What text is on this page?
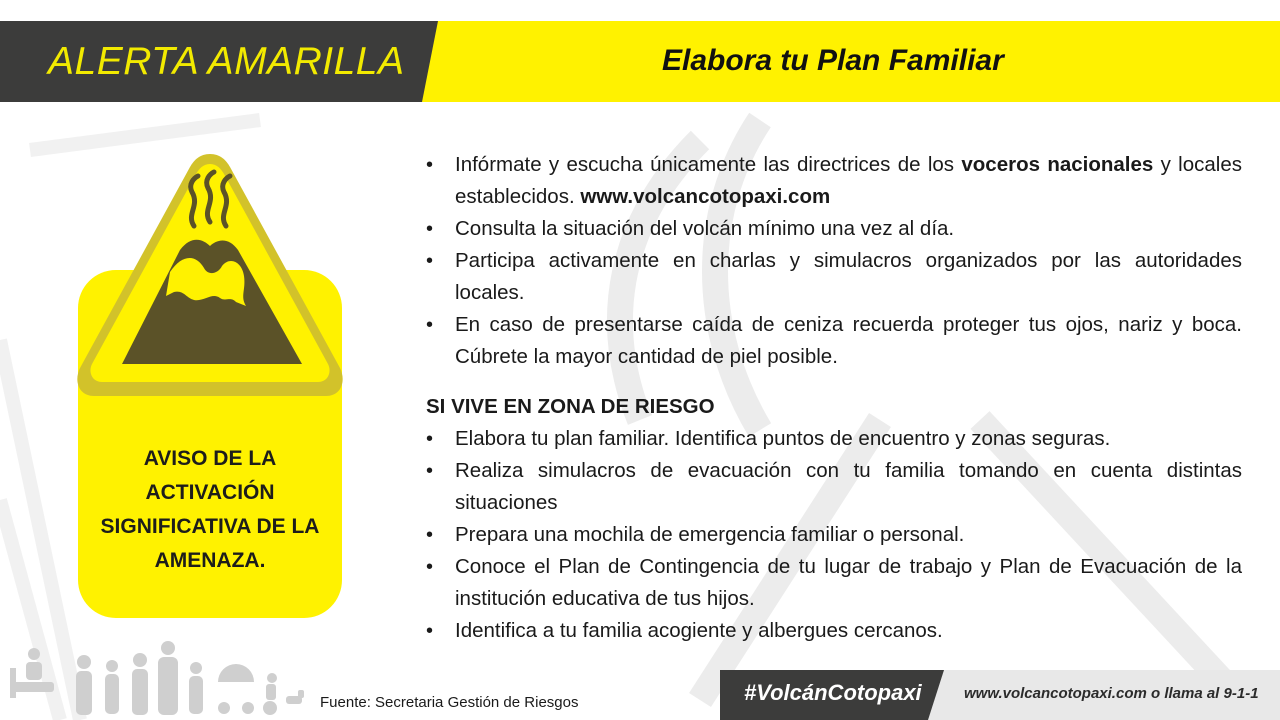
ALERTA AMARILLA	Elabora tu Plan Familiar
AVISO DE LA ACTIVACIÓN SIGNIFICATIVA DE LA AMENAZA.
• Infórmate y escucha únicamente las directrices de los voceros nacionales y locales establecidos. www.volcancotopaxi.com
• Consulta la situación del volcán mínimo una vez al día.
• Participa activamente en charlas y simulacros organizados por las autoridades locales.
• En caso de presentarse caída de ceniza recuerda proteger tus ojos, nariz y boca. Cúbrete la mayor cantidad de piel posible.
SI VIVE EN ZONA DE RIESGO
• Elabora tu plan familiar. Identifica puntos de encuentro y zonas seguras.
• Realiza simulacros de evacuación con tu familia tomando en cuenta distintas situaciones
• Prepara una mochila de emergencia familiar o personal.
• Conoce el Plan de Contingencia de tu lugar de trabajo y Plan de Evacuación de la institución educativa de tus hijos.
• Identifica a tu familia acogiente y albergues cercanos.
Fuente: Secretaria Gestión de Riesgos	#VolcánCotopaxi	www.volcancotopaxi.com o llama al 9-1-1
